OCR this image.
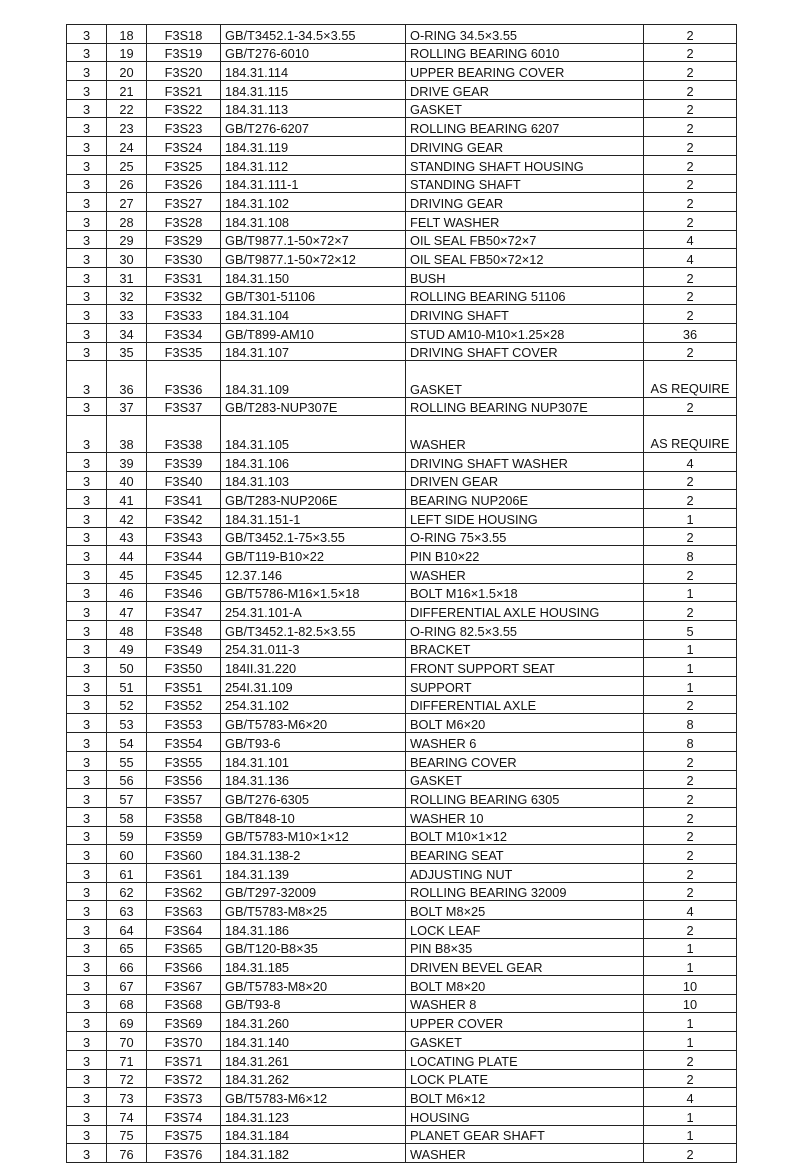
3	18	F3S18	GB/T3452.1-34.5×3.55	O-RING 34.5×3.55	2
3	19	F3S19	GB/T276-6010	ROLLING BEARING 6010	2
3	20	F3S20	184.31.114	UPPER BEARING COVER	2
3	21	F3S21	184.31.115	DRIVE GEAR	2
3	22	F3S22	184.31.113	GASKET	2
3	23	F3S23	GB/T276-6207	ROLLING BEARING 6207	2
3	24	F3S24	184.31.119	DRIVING GEAR	2
3	25	F3S25	184.31.112	STANDING SHAFT HOUSING	2
3	26	F3S26	184.31.111-1	STANDING SHAFT	2
3	27	F3S27	184.31.102	DRIVING GEAR	2
3	28	F3S28	184.31.108	FELT WASHER	2
3	29	F3S29	GB/T9877.1-50×72×7	OIL SEAL FB50×72×7	4
3	30	F3S30	GB/T9877.1-50×72×12	OIL SEAL FB50×72×12	4
3	31	F3S31	184.31.150	BUSH	2
3	32	F3S32	GB/T301-51106	ROLLING BEARING 51106	2
3	33	F3S33	184.31.104	DRIVING SHAFT	2
3	34	F3S34	GB/T899-AM10	STUD AM10-M10×1.25×28	36
3	35	F3S35	184.31.107	DRIVING SHAFT COVER	2
3	36	F3S36	184.31.109	GASKET	AS REQUIRE
3	37	F3S37	GB/T283-NUP307E	ROLLING BEARING NUP307E	2
3	38	F3S38	184.31.105	WASHER	AS REQUIRE
3	39	F3S39	184.31.106	DRIVING SHAFT WASHER	4
3	40	F3S40	184.31.103	DRIVEN GEAR	2
3	41	F3S41	GB/T283-NUP206E	BEARING NUP206E	2
3	42	F3S42	184.31.151-1	LEFT SIDE HOUSING	1
3	43	F3S43	GB/T3452.1-75×3.55	O-RING 75×3.55	2
3	44	F3S44	GB/T119-B10×22	PIN B10×22	8
3	45	F3S45	12.37.146	WASHER	2
3	46	F3S46	GB/T5786-M16×1.5×18	BOLT M16×1.5×18	1
3	47	F3S47	254.31.101-A	DIFFERENTIAL AXLE HOUSING	2
3	48	F3S48	GB/T3452.1-82.5×3.55	O-RING 82.5×3.55	5
3	49	F3S49	254.31.011-3	BRACKET	1
3	50	F3S50	184II.31.220	FRONT SUPPORT SEAT	1
3	51	F3S51	254I.31.109	SUPPORT	1
3	52	F3S52	254.31.102	DIFFERENTIAL AXLE	2
3	53	F3S53	GB/T5783-M6×20	BOLT M6×20	8
3	54	F3S54	GB/T93-6	WASHER 6	8
3	55	F3S55	184.31.101	BEARING COVER	2
3	56	F3S56	184.31.136	GASKET	2
3	57	F3S57	GB/T276-6305	ROLLING BEARING 6305	2
3	58	F3S58	GB/T848-10	WASHER 10	2
3	59	F3S59	GB/T5783-M10×1×12	BOLT M10×1×12	2
3	60	F3S60	184.31.138-2	BEARING SEAT	2
3	61	F3S61	184.31.139	ADJUSTING NUT	2
3	62	F3S62	GB/T297-32009	ROLLING BEARING 32009	2
3	63	F3S63	GB/T5783-M8×25	BOLT M8×25	4
3	64	F3S64	184.31.186	LOCK LEAF	2
3	65	F3S65	GB/T120-B8×35	PIN B8×35	1
3	66	F3S66	184.31.185	DRIVEN BEVEL GEAR	1
3	67	F3S67	GB/T5783-M8×20	BOLT M8×20	10
3	68	F3S68	GB/T93-8	WASHER 8	10
3	69	F3S69	184.31.260	UPPER COVER	1
3	70	F3S70	184.31.140	GASKET	1
3	71	F3S71	184.31.261	LOCATING PLATE	2
3	72	F3S72	184.31.262	LOCK PLATE	2
3	73	F3S73	GB/T5783-M6×12	BOLT M6×12	4
3	74	F3S74	184.31.123	HOUSING	1
3	75	F3S75	184.31.184	PLANET GEAR SHAFT	1
3	76	F3S76	184.31.182	WASHER	2
